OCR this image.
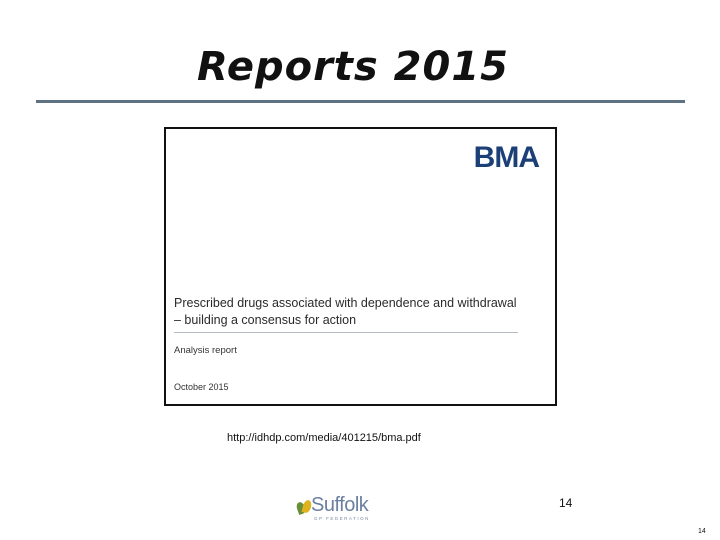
Reports 2015
BMA
Prescribed drugs associated with dependence and withdrawal
– building a consensus for action
Analysis report
October 2015
http://idhdp.com/media/401215/bma.pdf
Suffolk
GP FEDERATION
14
14
